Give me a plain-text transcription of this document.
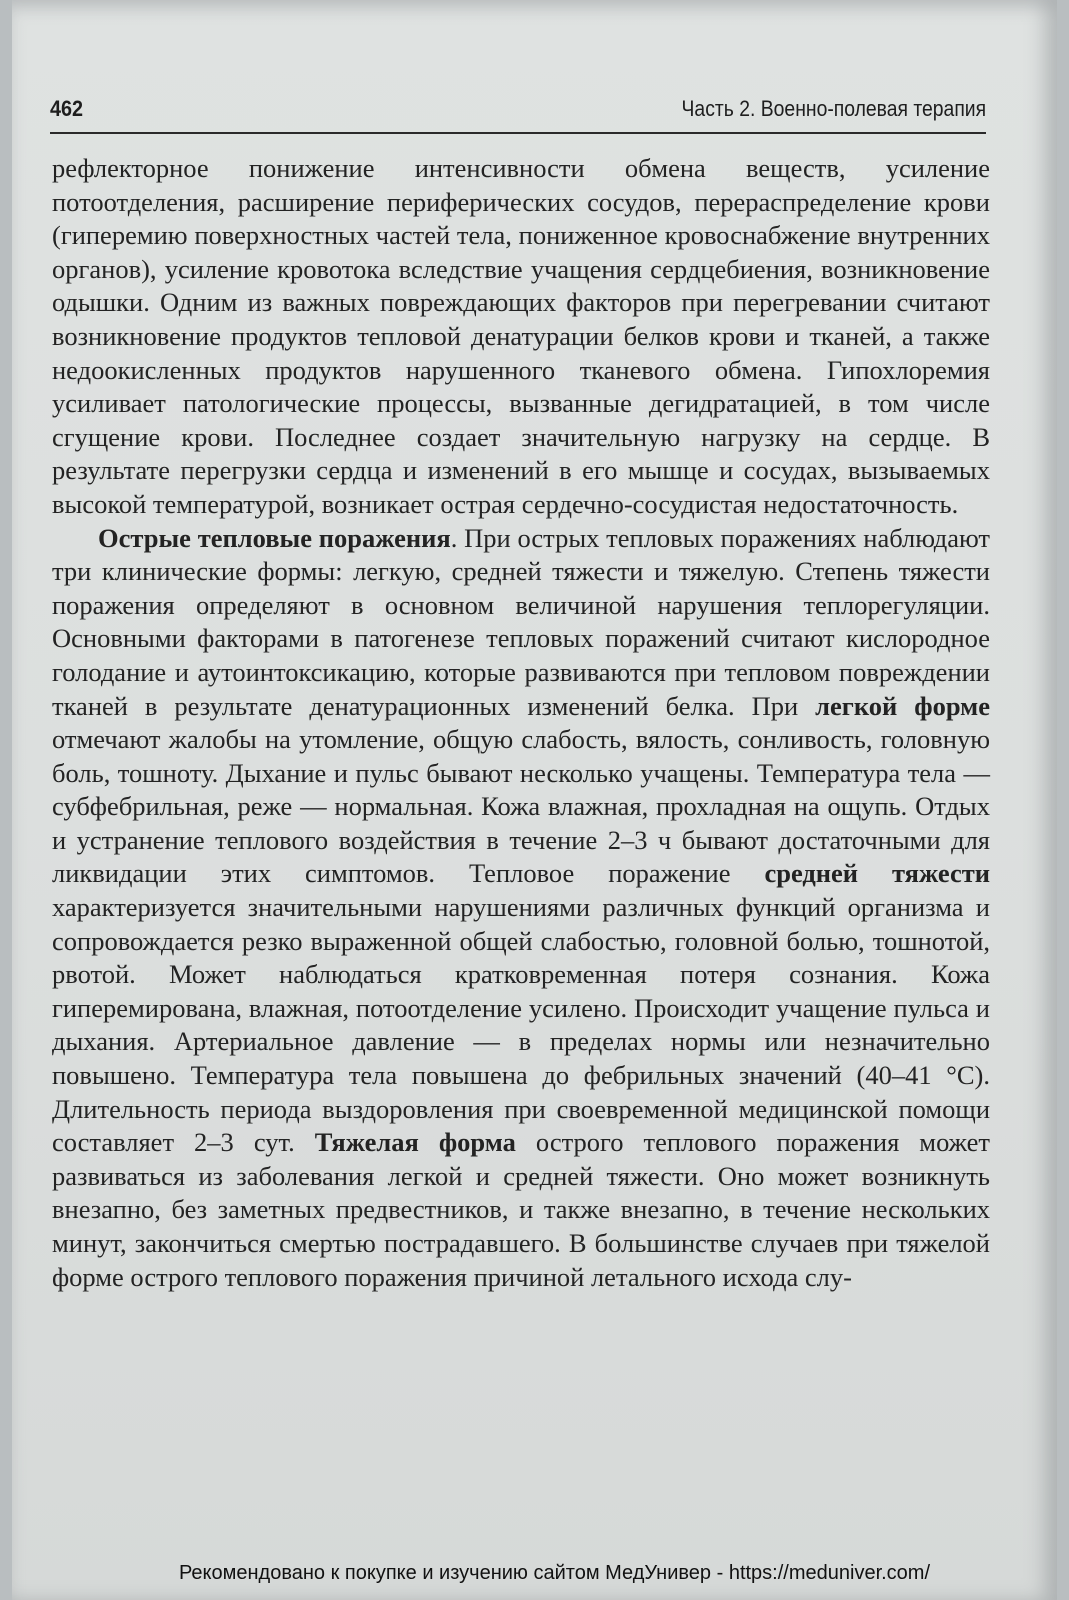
462	Часть 2. Военно-полевая терапия

рефлекторное понижение интенсивности обмена веществ, усиление потоотделения, расширение периферических сосудов, перераспределение крови (гиперемию поверхностных частей тела, пониженное кровоснабжение внутренних органов), усиление кровотока вследствие учащения сердцебиения, возникновение одышки. Одним из важных повреждающих факторов при перегревании считают возникновение продуктов тепловой денатурации белков крови и тканей, а также недоокисленных продуктов нарушенного тканевого обмена. Гипохлоремия усиливает патологические процессы, вызванные дегидратацией, в том числе сгущение крови. Последнее создает значительную нагрузку на сердце. В результате перегрузки сердца и изменений в его мышце и сосудах, вызываемых высокой температурой, возникает острая сердечно-сосудистая недостаточность.

Острые тепловые поражения. При острых тепловых поражениях наблюдают три клинические формы: легкую, средней тяжести и тяжелую. Степень тяжести поражения определяют в основном величиной нарушения теплорегуляции. Основными факторами в патогенезе тепловых поражений считают кислородное голодание и аутоинтоксикацию, которые развиваются при тепловом повреждении тканей в результате денатурационных изменений белка. При легкой форме отмечают жалобы на утомление, общую слабость, вялость, сонливость, головную боль, тошноту. Дыхание и пульс бывают несколько учащены. Температура тела — субфебрильная, реже — нормальная. Кожа влажная, прохладная на ощупь. Отдых и устранение теплового воздействия в течение 2–3 ч бывают достаточными для ликвидации этих симптомов. Тепловое поражение средней тяжести характеризуется значительными нарушениями различных функций организма и сопровождается резко выраженной общей слабостью, головной болью, тошнотой, рвотой. Может наблюдаться кратковременная потеря сознания. Кожа гиперемирована, влажная, потоотделение усилено. Происходит учащение пульса и дыхания. Артериальное давление — в пределах нормы или незначительно повышено. Температура тела повышена до фебрильных значений (40–41 °С). Длительность периода выздоровления при своевременной медицинской помощи составляет 2–3 сут. Тяжелая форма острого теплового поражения может развиваться из заболевания легкой и средней тяжести. Оно может возникнуть внезапно, без заметных предвестников, и также внезапно, в течение нескольких минут, закончиться смертью пострадавшего. В большинстве случаев при тяжелой форме острого теплового поражения причиной летального исхода слу-

Рекомендовано к покупке и изучению сайтом МедУнивер - https://meduniver.com/
